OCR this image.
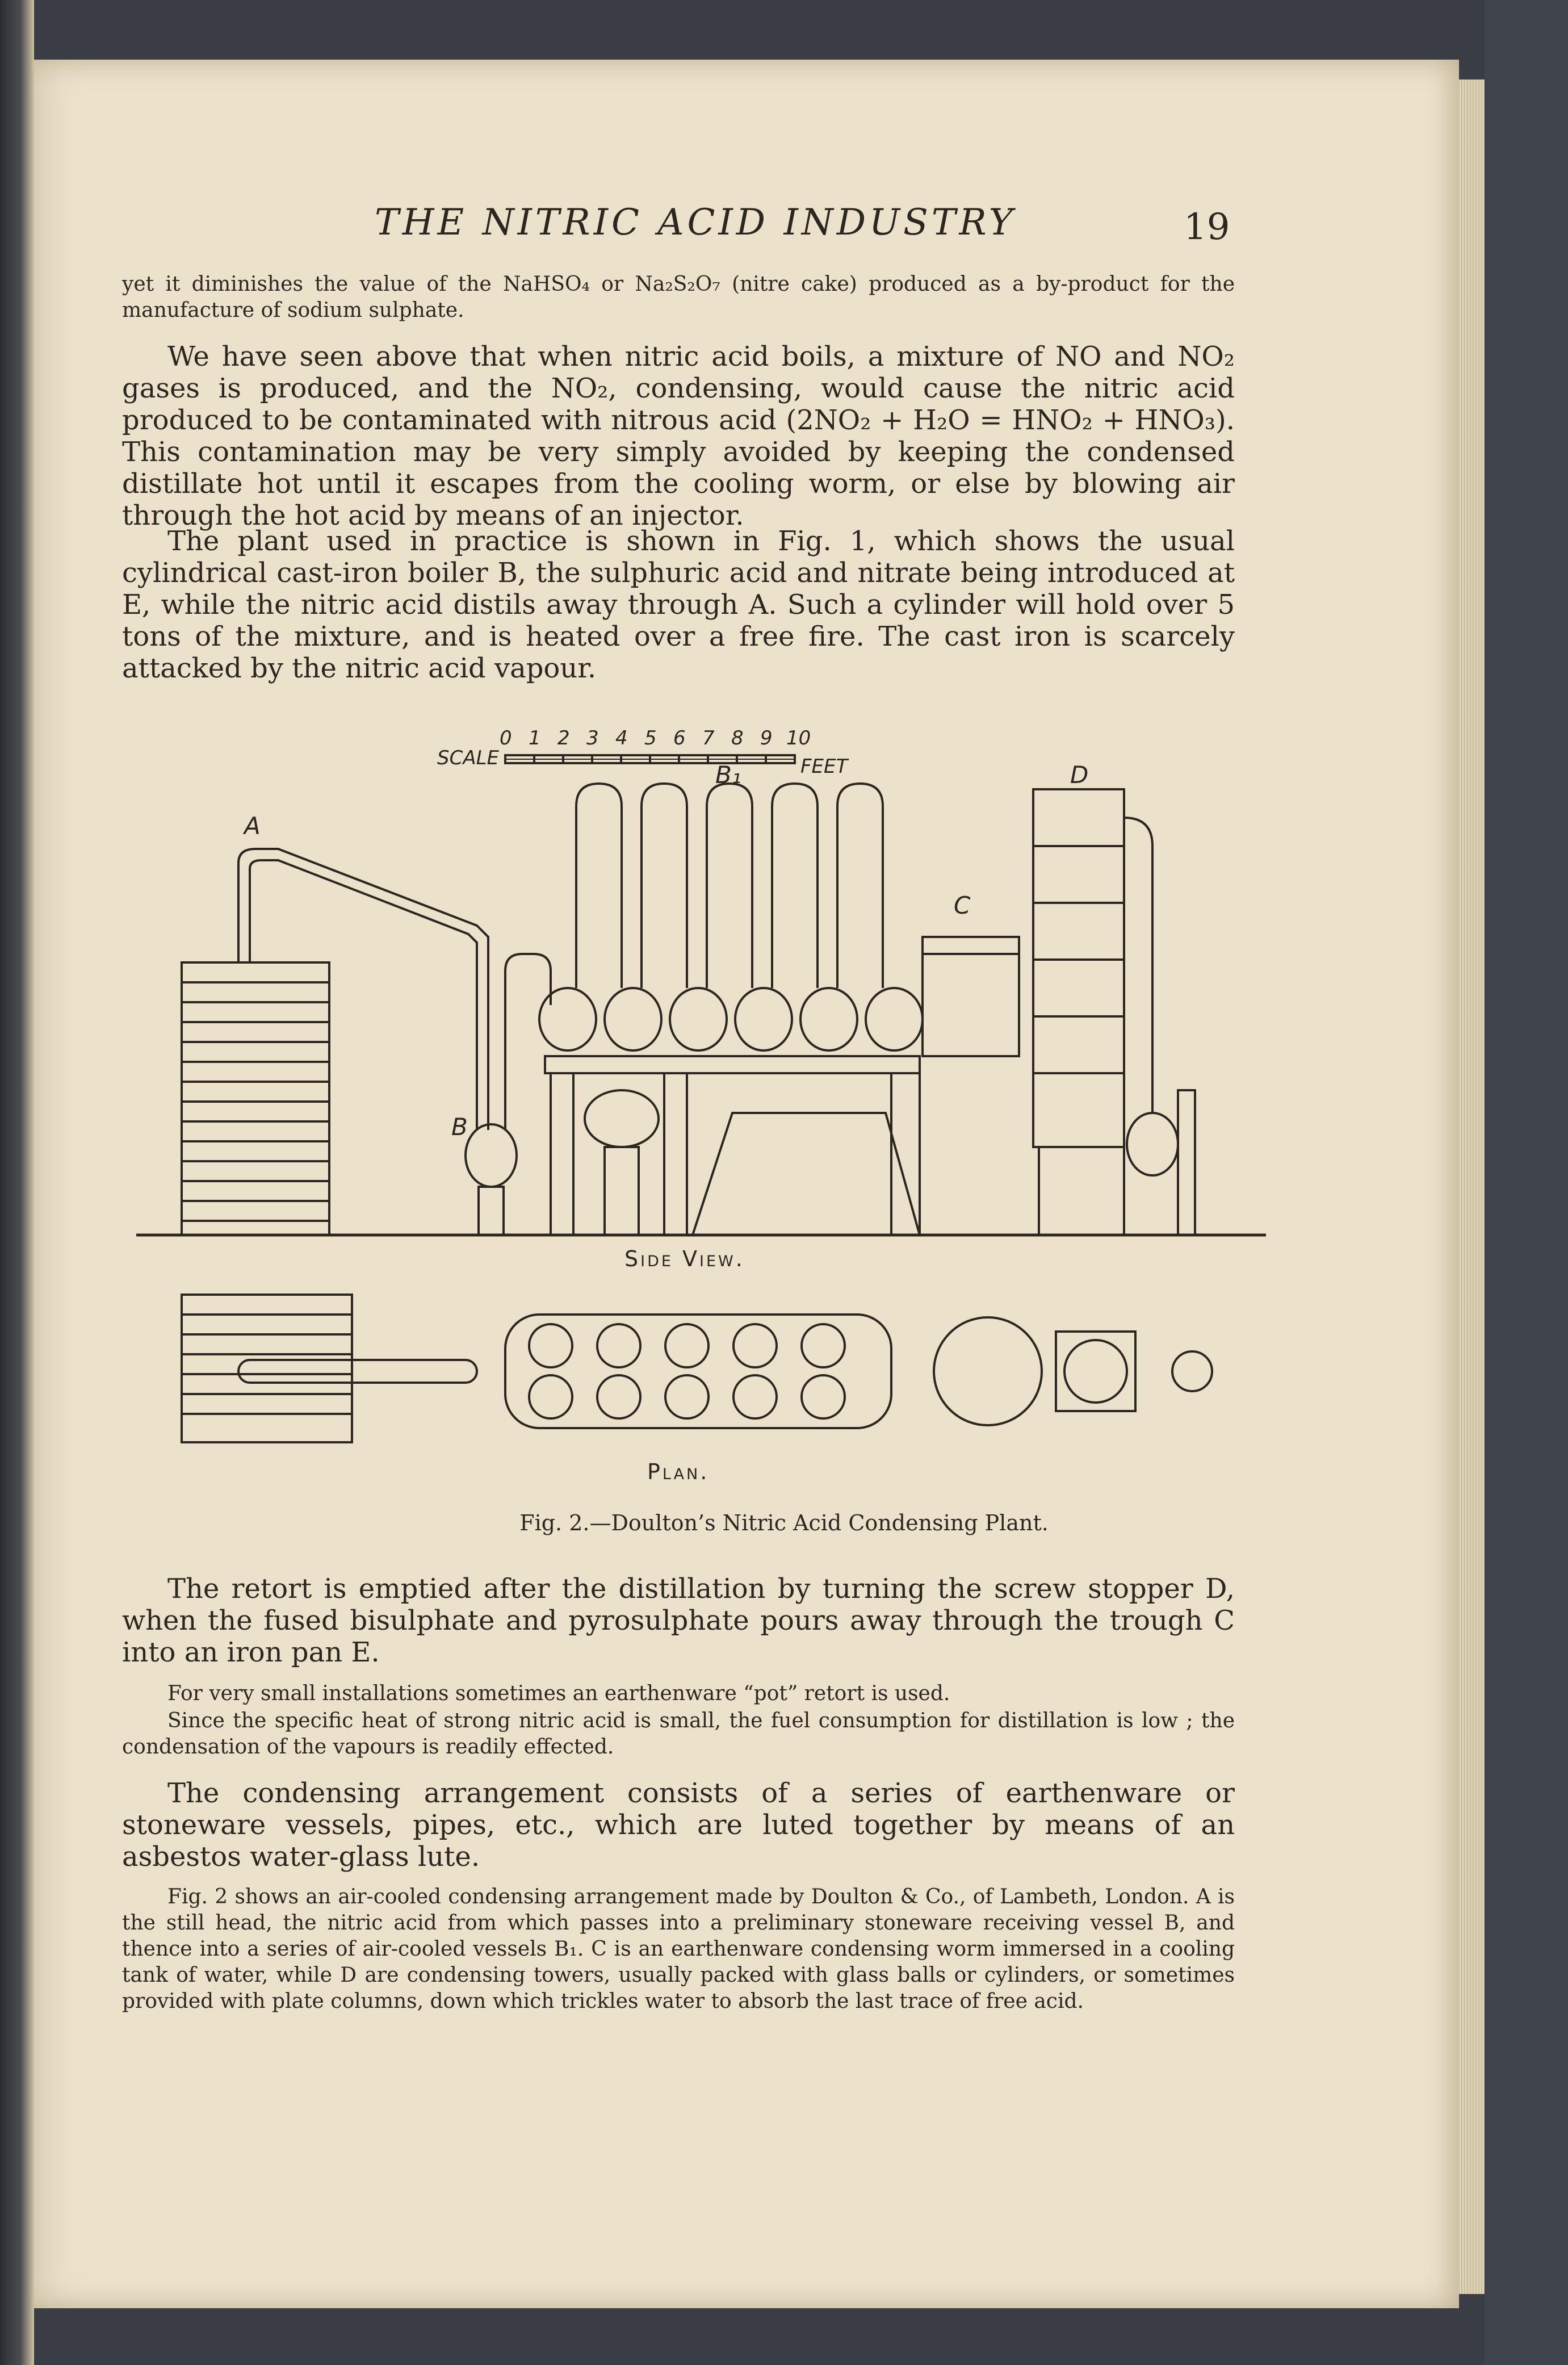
THE NITRIC ACID INDUSTRY	19

yet it diminishes the value of the NaHSO₄ or Na₂S₂O₇ (nitre cake) produced as a by-product for the manufacture of sodium sulphate.

We have seen above that when nitric acid boils, a mixture of NO and NO₂ gases is produced, and the NO₂, condensing, would cause the nitric acid produced to be contaminated with nitrous acid (2NO₂ + H₂O = HNO₂ + HNO₃). This contamination may be very simply avoided by keeping the condensed distillate hot until it escapes from the cooling worm, or else by blowing air through the hot acid by means of an injector.

The plant used in practice is shown in Fig. 1, which shows the usual cylindrical cast-iron boiler B, the sulphuric acid and nitrate being introduced at E, while the nitric acid distils away through A. Such a cylinder will hold over 5 tons of the mixture, and is heated over a free fire. The cast iron is scarcely attacked by the nitric acid vapour.

SCALE
0 1 2 3 4 5 6 7 8 9 10
FEET
A
B
B₁
C
D
Side View.
Plan.
Fig. 2.—Doulton’s Nitric Acid Condensing Plant.

The retort is emptied after the distillation by turning the screw stopper D, when the fused bisulphate and pyrosulphate pours away through the trough C into an iron pan E.

For very small installations sometimes an earthenware “pot” retort is used.

Since the specific heat of strong nitric acid is small, the fuel consumption for distillation is low ; the condensation of the vapours is readily effected.

The condensing arrangement consists of a series of earthenware or stoneware vessels, pipes, etc., which are luted together by means of an asbestos water-glass lute.

Fig. 2 shows an air-cooled condensing arrangement made by Doulton & Co., of Lambeth, London. A is the still head, the nitric acid from which passes into a preliminary stoneware receiving vessel B, and thence into a series of air-cooled vessels B₁. C is an earthenware condensing worm immersed in a cooling tank of water, while D are condensing towers, usually packed with glass balls or cylinders, or sometimes provided with plate columns, down which trickles water to absorb the last trace of free acid.
